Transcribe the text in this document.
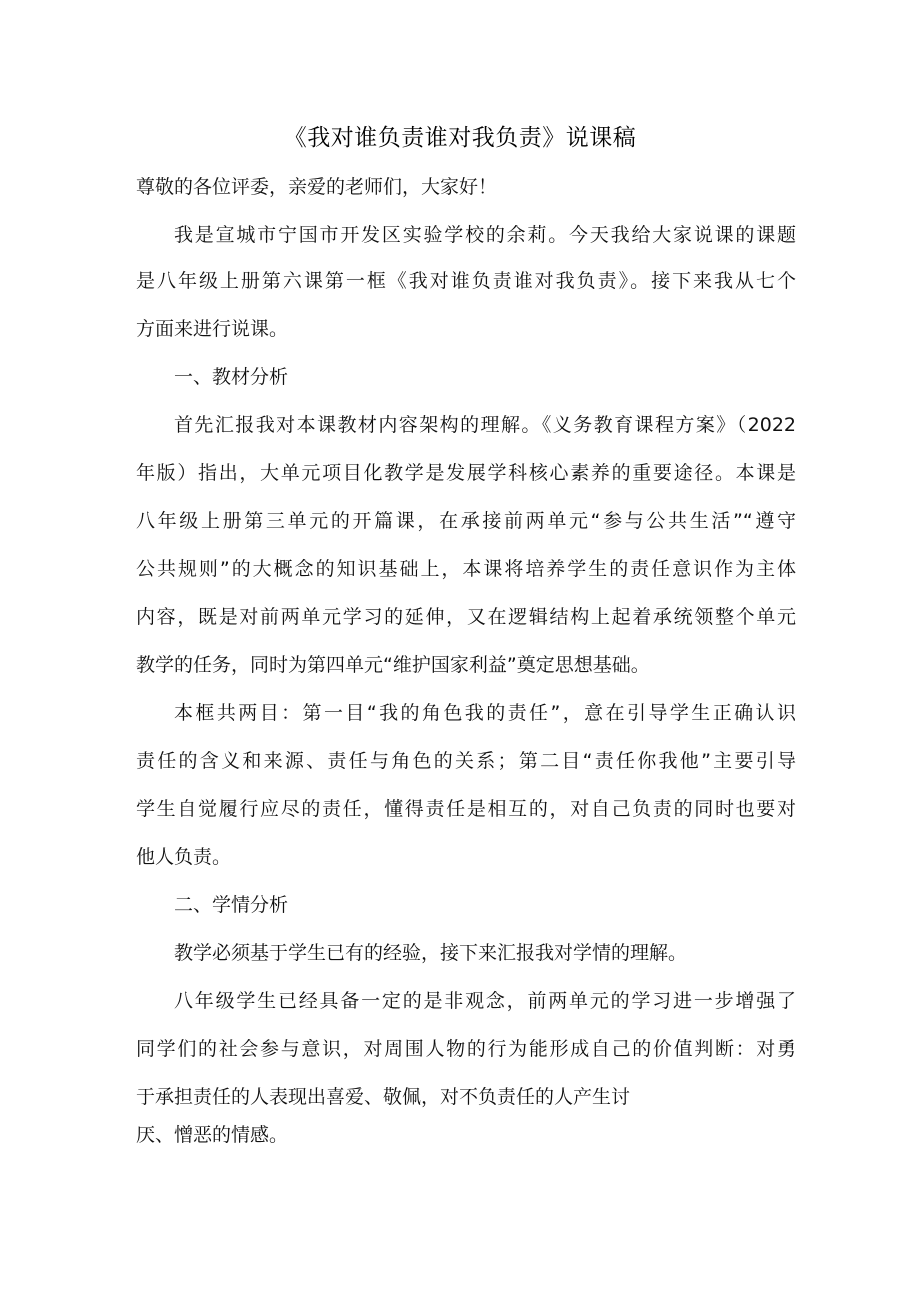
《我对谁负责谁对我负责》说课稿

尊敬的各位评委，亲爱的老师们，大家好！

我是宣城市宁国市开发区实验学校的余莉。今天我给大家说课的课题

是八年级上册第六课第一框《我对谁负责谁对我负责》。接下来我从七个

方面来进行说课。

一、教材分析

首先汇报我对本课教材内容架构的理解。《义务教育课程方案》（2022

年版）指出，大单元项目化教学是发展学科核心素养的重要途径。本课是

八年级上册第三单元的开篇课，在承接前两单元“参与公共生活”“遵守

公共规则”的大概念的知识基础上，本课将培养学生的责任意识作为主体

内容，既是对前两单元学习的延伸，又在逻辑结构上起着承统领整个单元

教学的任务，同时为第四单元“维护国家利益”奠定思想基础。

本框共两目：第一目“我的角色我的责任”，意在引导学生正确认识

责任的含义和来源、责任与角色的关系；第二目“责任你我他”主要引导

学生自觉履行应尽的责任，懂得责任是相互的，对自己负责的同时也要对

他人负责。

二、学情分析

教学必须基于学生已有的经验，接下来汇报我对学情的理解。

八年级学生已经具备一定的是非观念，前两单元的学习进一步增强了

同学们的社会参与意识，对周围人物的行为能形成自己的价值判断：对勇

于承担责任的人表现出喜爱、敬佩，对不负责任的人产生讨

厌、憎恶的情感。
